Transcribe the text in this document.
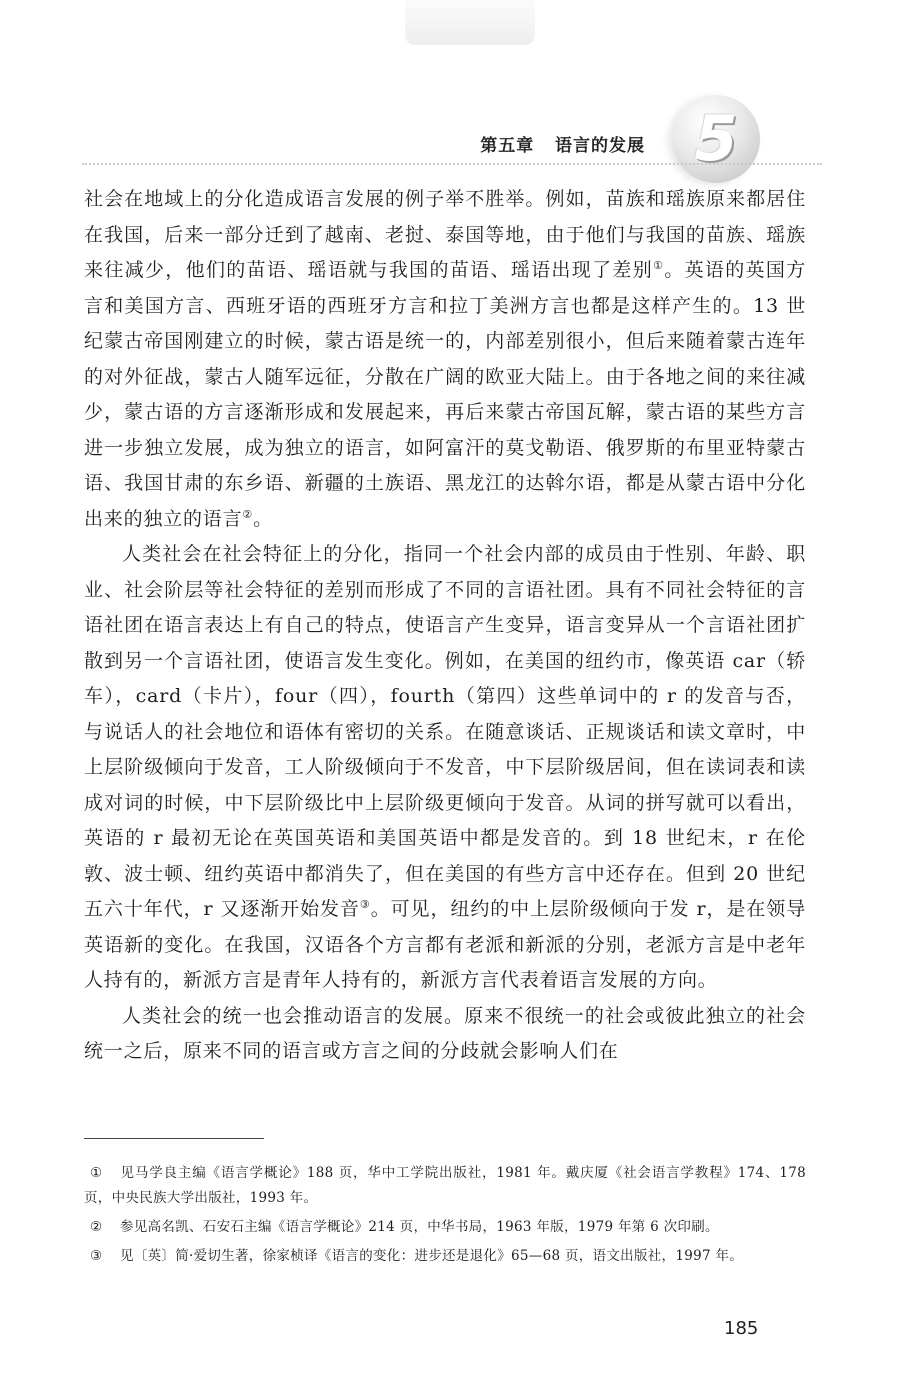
第五章 语言的发展 5

社会在地域上的分化造成语言发展的例子举不胜举。例如，苗族和瑶族原来都居住在我国，后来一部分迁到了越南、老挝、泰国等地，由于他们与我国的苗族、瑶族来往减少，他们的苗语、瑶语就与我国的苗语、瑶语出现了差别①。英语的英国方言和美国方言、西班牙语的西班牙方言和拉丁美洲方言也都是这样产生的。13 世纪蒙古帝国刚建立的时候，蒙古语是统一的，内部差别很小，但后来随着蒙古连年的对外征战，蒙古人随军远征，分散在广阔的欧亚大陆上。由于各地之间的来往减少，蒙古语的方言逐渐形成和发展起来，再后来蒙古帝国瓦解，蒙古语的某些方言进一步独立发展，成为独立的语言，如阿富汗的莫戈勒语、俄罗斯的布里亚特蒙古语、我国甘肃的东乡语、新疆的土族语、黑龙江的达斡尔语，都是从蒙古语中分化出来的独立的语言②。

人类社会在社会特征上的分化，指同一个社会内部的成员由于性别、年龄、职业、社会阶层等社会特征的差别而形成了不同的言语社团。具有不同社会特征的言语社团在语言表达上有自己的特点，使语言产生变异，语言变异从一个言语社团扩散到另一个言语社团，使语言发生变化。例如，在美国的纽约市，像英语 car（轿车），card（卡片），four（四），fourth（第四）这些单词中的 r 的发音与否，与说话人的社会地位和语体有密切的关系。在随意谈话、正规谈话和读文章时，中上层阶级倾向于发音，工人阶级倾向于不发音，中下层阶级居间，但在读词表和读成对词的时候，中下层阶级比中上层阶级更倾向于发音。从词的拼写就可以看出，英语的 r 最初无论在英国英语和美国英语中都是发音的。到 18 世纪末，r 在伦敦、波士顿、纽约英语中都消失了，但在美国的有些方言中还存在。但到 20 世纪五六十年代，r 又逐渐开始发音③。可见，纽约的中上层阶级倾向于发 r，是在领导英语新的变化。在我国，汉语各个方言都有老派和新派的分别，老派方言是中老年人持有的，新派方言是青年人持有的，新派方言代表着语言发展的方向。

人类社会的统一也会推动语言的发展。原来不很统一的社会或彼此独立的社会统一之后，原来不同的语言或方言之间的分歧就会影响人们在

① 见马学良主编《语言学概论》188 页，华中工学院出版社，1981 年。戴庆厦《社会语言学教程》174、178 页，中央民族大学出版社，1993 年。
② 参见高名凯、石安石主编《语言学概论》214 页，中华书局，1963 年版，1979 年第 6 次印刷。
③ 见〔英〕简·爱切生著，徐家桢译《语言的变化：进步还是退化》65—68 页，语文出版社，1997 年。
185
